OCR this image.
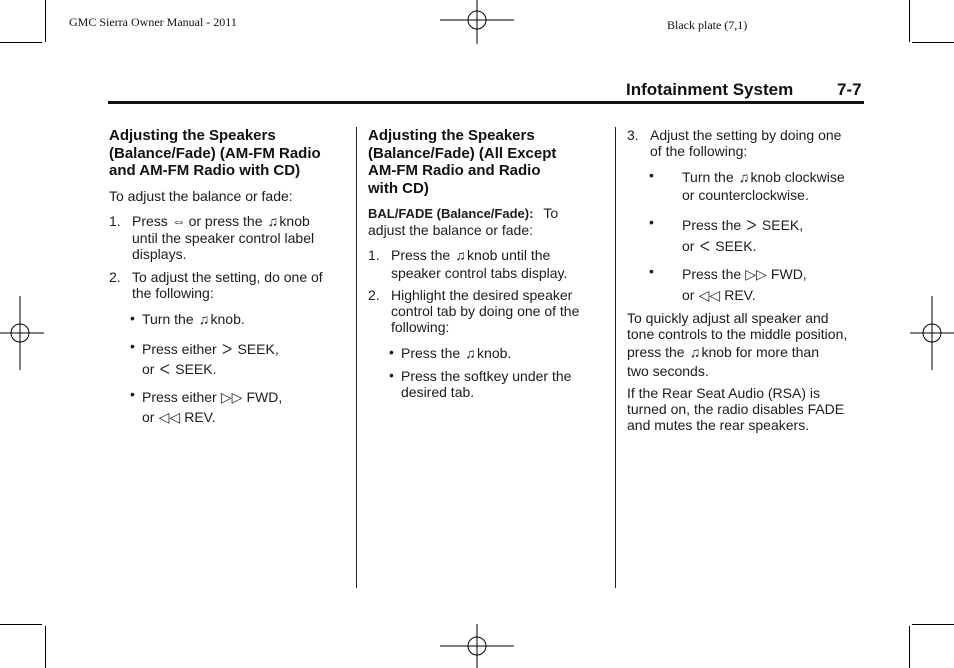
GMC Sierra Owner Manual - 2011	Black plate (7,1)
Infotainment System	7-7
Adjusting the Speakers
(Balance/Fade) (AM-FM Radio
and AM-FM Radio with CD)

To adjust the balance or fade:

1. Press ⇔ or press the ♫knob
until the speaker control label
displays.
2. To adjust the setting, do one of
the following:
• Turn the ♫knob.
• Press either ᐳ SEEK,
or ᐸ SEEK.
• Press either ▷▷ FWD,
or ◁◁ REV.
Adjusting the Speakers
(Balance/Fade) (All Except
AM-FM Radio and Radio
with CD)

BAL/FADE (Balance/Fade): To

adjust the balance or fade:

1. Press the ♫knob until the
speaker control tabs display.
2. Highlight the desired speaker
control tab by doing one of the
following:
• Press the ♫knob.
• Press the softkey under the
desired tab.
3. Adjust the setting by doing one
of the following:
•	Turn the ♫knob clockwise
or counterclockwise.
•	Press the ᐳ SEEK,
or ᐸ SEEK.
•	Press the ▷▷ FWD,
or ◁◁ REV.
To quickly adjust all speaker and
tone controls to the middle position,
press the ♫knob for more than
two seconds.
If the Rear Seat Audio (RSA) is
turned on, the radio disables FADE
and mutes the rear speakers.
